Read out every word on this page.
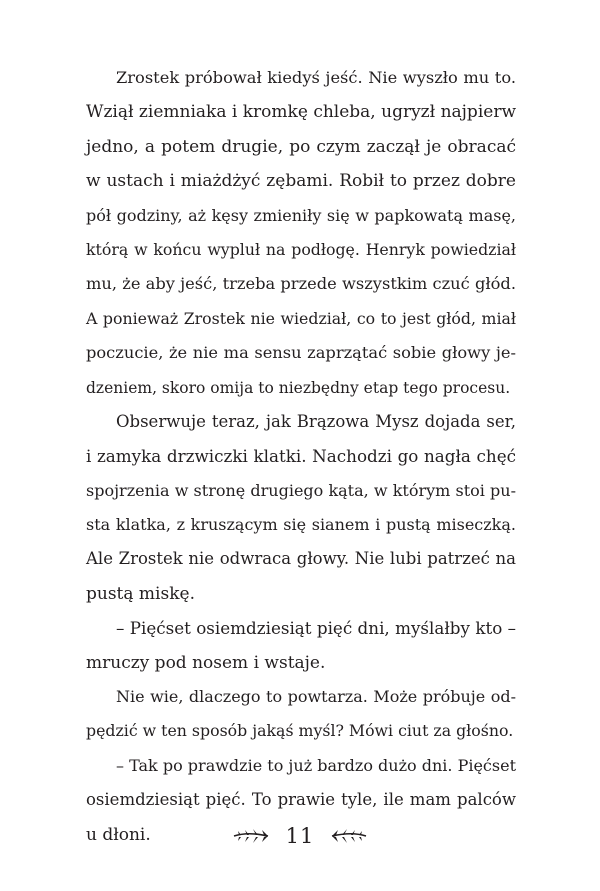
Zrostek próbował kiedyś jeść. Nie wyszło mu to.
Wziął ziemniaka i kromkę chleba, ugryzł najpierw
jedno, a potem drugie, po czym zaczął je obracać
w ustach i miażdżyć zębami. Robił to przez dobre
pół godziny, aż kęsy zmieniły się w papkowatą masę,
którą w końcu wypluł na podłogę. Henryk powiedział
mu, że aby jeść, trzeba przede wszystkim czuć głód.
A ponieważ Zrostek nie wiedział, co to jest głód, miał
poczucie, że nie ma sensu zaprzątać sobie głowy je-
dzeniem, skoro omija to niezbędny etap tego procesu.
Obserwuje teraz, jak Brązowa Mysz dojada ser,
i zamyka drzwiczki klatki. Nachodzi go nagła chęć
spojrzenia w stronę drugiego kąta, w którym stoi pu-
sta klatka, z kruszącym się sianem i pustą miseczką.
Ale Zrostek nie odwraca głowy. Nie lubi patrzeć na
pustą miskę.
– Pięćset osiemdziesiąt pięć dni, myślałby kto –
mruczy pod nosem i wstaje.
Nie wie, dlaczego to powtarza. Może próbuje od-
pędzić w ten sposób jakąś myśl? Mówi ciut za głośno.
– Tak po prawdzie to już bardzo dużo dni. Pięćset
osiemdziesiąt pięć. To prawie tyle, ile mam palców
u dłoni.	11
